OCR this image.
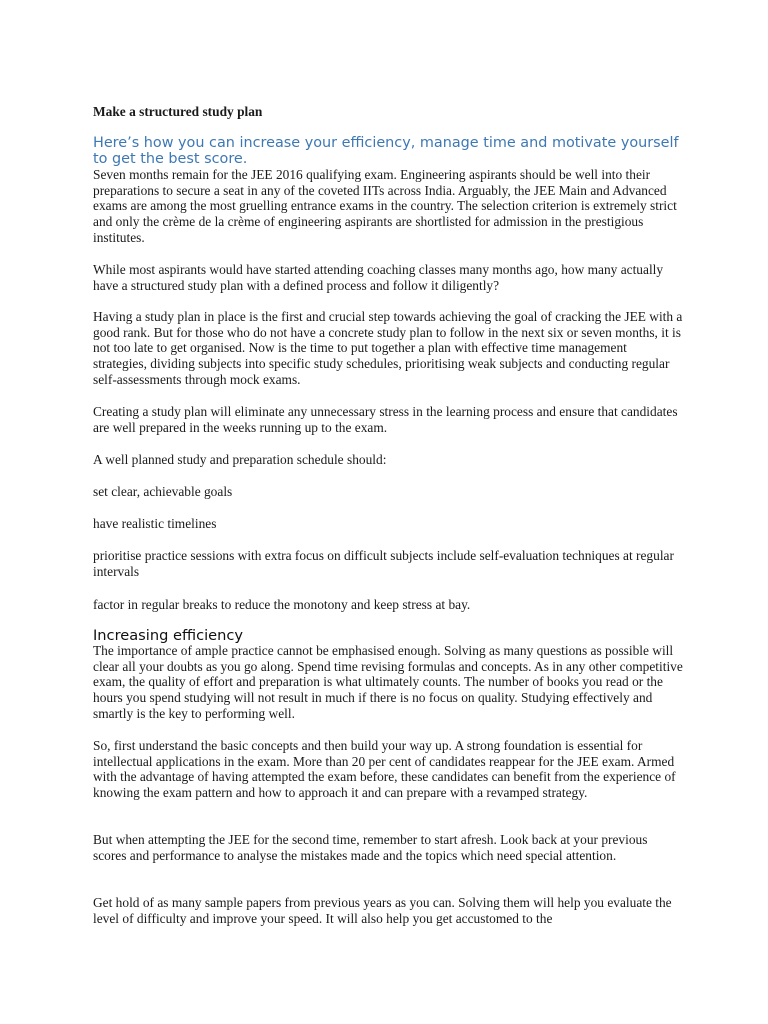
Make a structured study plan

Here’s how you can increase your efficiency, manage time and motivate yourself to get the best score.

Seven months remain for the JEE 2016 qualifying exam. Engineering aspirants should be well into their preparations to secure a seat in any of the coveted IITs across India. Arguably, the JEE Main and Advanced exams are among the most gruelling entrance exams in the country. The selection criterion is extremely strict and only the crème de la crème of engineering aspirants are shortlisted for admission in the prestigious institutes.

While most aspirants would have started attending coaching classes many months ago, how many actually have a structured study plan with a defined process and follow it diligently?

Having a study plan in place is the first and crucial step towards achieving the goal of cracking the JEE with a good rank. But for those who do not have a concrete study plan to follow in the next six or seven months, it is not too late to get organised. Now is the time to put together a plan with effective time management strategies, dividing subjects into specific study schedules, prioritising weak subjects and conducting regular self-assessments through mock exams.

Creating a study plan will eliminate any unnecessary stress in the learning process and ensure that candidates are well prepared in the weeks running up to the exam.

A well planned study and preparation schedule should:

set clear, achievable goals

have realistic timelines

prioritise practice sessions with extra focus on difficult subjects include self-evaluation techniques at regular intervals

factor in regular breaks to reduce the monotony and keep stress at bay.

Increasing efficiency

The importance of ample practice cannot be emphasised enough. Solving as many questions as possible will clear all your doubts as you go along. Spend time revising formulas and concepts. As in any other competitive exam, the quality of effort and preparation is what ultimately counts. The number of books you read or the hours you spend studying will not result in much if there is no focus on quality. Studying effectively and smartly is the key to performing well.

So, first understand the basic concepts and then build your way up. A strong foundation is essential for intellectual applications in the exam. More than 20 per cent of candidates reappear for the JEE exam. Armed with the advantage of having attempted the exam before, these candidates can benefit from the experience of knowing the exam pattern and how to approach it and can prepare with a revamped strategy.

But when attempting the JEE for the second time, remember to start afresh. Look back at your previous scores and performance to analyse the mistakes made and the topics which need special attention.

Get hold of as many sample papers from previous years as you can. Solving them will help you evaluate the level of difficulty and improve your speed. It will also help you get accustomed to the
